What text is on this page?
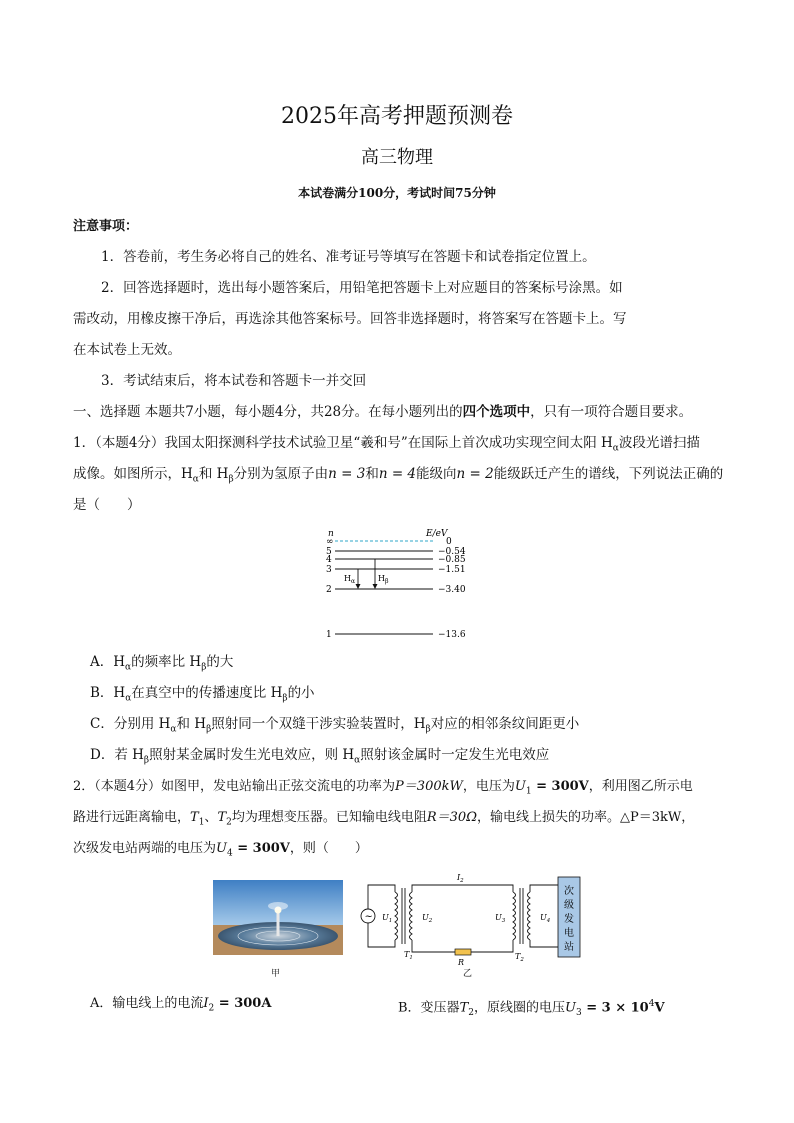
2025年高考押题预测卷
高三物理
本试卷满分100分，考试时间75分钟
注意事项：
1．答卷前，考生务必将自己的姓名、准考证号等填写在答题卡和试卷指定位置上。
2．回答选择题时，选出每小题答案后，用铅笔把答题卡上对应题目的答案标号涂黑。如
需改动，用橡皮擦干净后，再选涂其他答案标号。回答非选择题时，将答案写在答题卡上。写
在本试卷上无效。
3．考试结束后，将本试卷和答题卡一并交回
一、选择题 本题共7小题，每小题4分，共28分。在每小题列出的四个选项中，只有一项符合题目要求。
1．（本题4分）我国太阳探测科学技术试验卫星“羲和号”在国际上首次成功实现空间太阳 $H_\alpha$波段光谱扫描
成像。如图所示，$H_\alpha$和 $H_\beta$分别为氢原子由n = 3和n = 4能级向n = 2能级跃迁产生的谱线，下列说法正确的
是（　　）
n	E/eV
∞
5
4
3
2
1
0
−0.54
−0.85
−1.51
−3.40
−13.6
$H_\alpha$	$H_\beta$
A．$H_\alpha$的频率比 $H_\beta$的大
B．$H_\alpha$在真空中的传播速度比 $H_\beta$的小
C．分别用 $H_\alpha$和 $H_\beta$照射同一个双缝干涉实验装置时，$H_\beta$对应的相邻条纹间距更小
D．若 $H_\beta$照射某金属时发生光电效应，则 $H_\alpha$照射该金属时一定发生光电效应
2．（本题4分）如图甲，发电站输出正弦交流电的功率为P＝300kW，电压为$U_1 = 300V$，利用图乙所示电
路进行远距离输电，$T_1$、$T_2$均为理想变压器。已知输电线电阻R＝30Ω，输电线上损失的功率。△P＝3kW，
次级发电站两端的电压为$U_4 = 300V$，则（　　）
甲
~
次
级
发
电
站
$I_2$
$U_1$	$U_2$	$U_3$	$U_4$
$T_1$	R
$T_2$
乙
A．输电线上的电流$I_2 = 300A$	B．变压器$T_2$，原线圈的电压$U_3 = 3 \times 10^4V$
